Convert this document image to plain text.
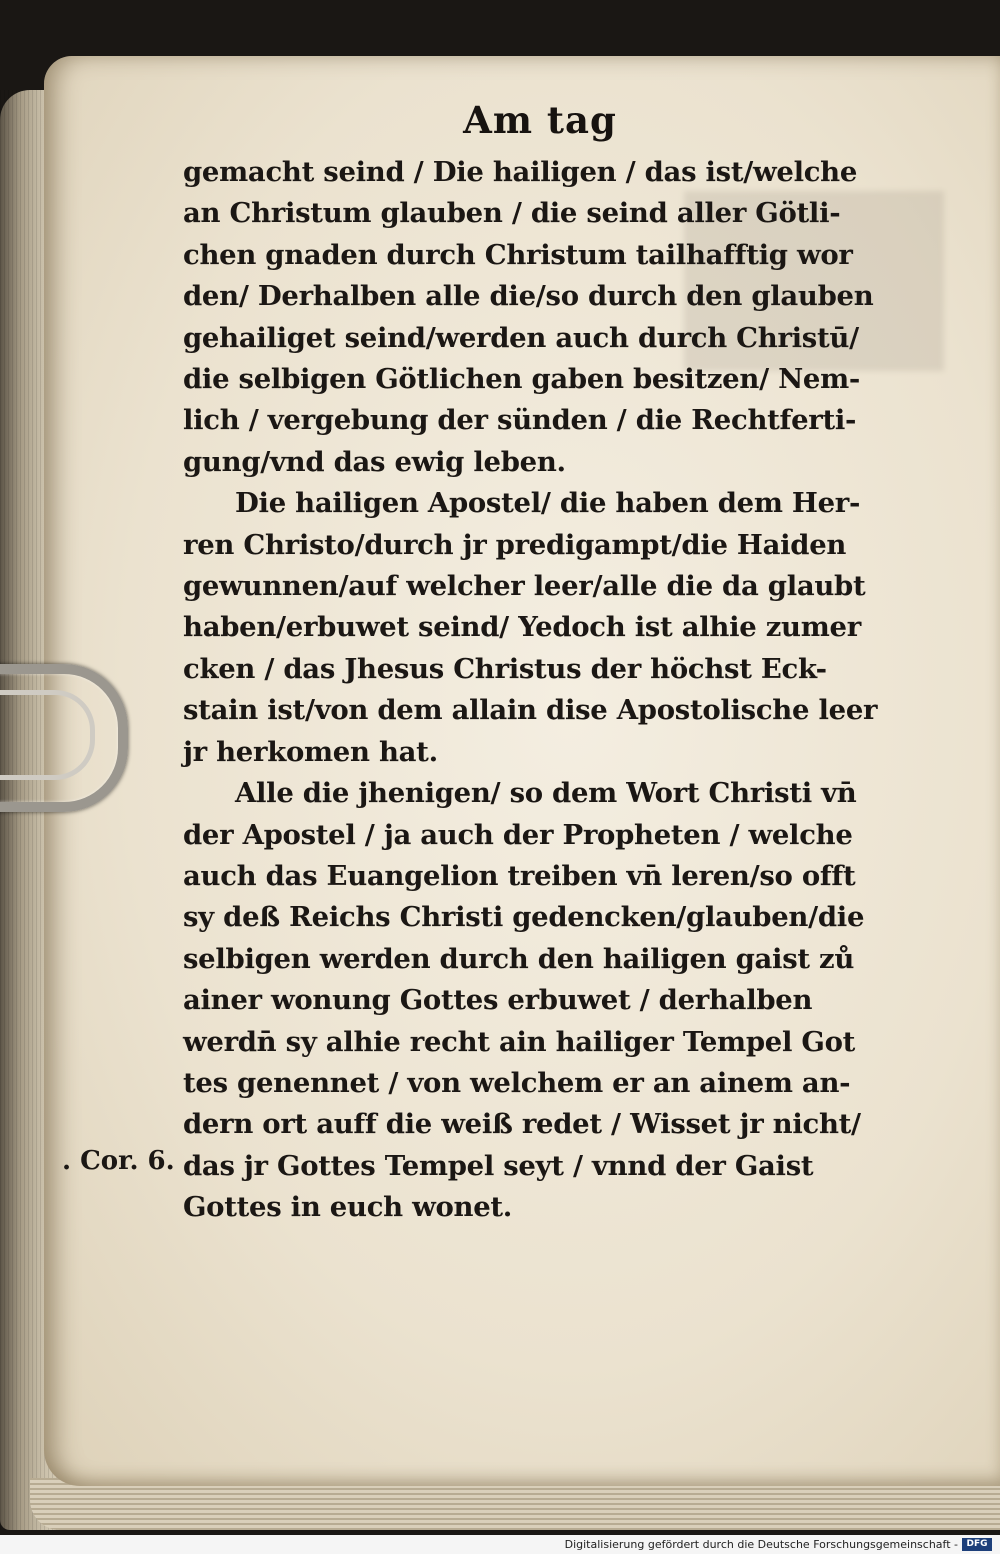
Am tag
gemacht seind / Die hailigen / das ist/welche
an Christum glauben / die seind aller Götli-
chen gnaden durch Christum tailhafftig wor
den/ Derhalben alle die/so durch den glauben
gehailiget seind/werden auch durch Christū/
die selbigen Götlichen gaben besitzen/ Nem-
lich / vergebung der sünden / die Rechtferti-
gung/vnd das ewig leben.
Die hailigen Apostel/ die haben dem Her-
ren Christo/durch jr predigampt/die Haiden
gewunnen/auf welcher leer/alle die da glaubt
haben/erbuwet seind/ Yedoch ist alhie zumer
cken / das Jhesus Christus der höchst Eck-
stain ist/von dem allain dise Apostolische leer
jr herkomen hat.
Alle die jhenigen/ so dem Wort Christi vn̄
der Apostel / ja auch der Propheten / welche
auch das Euangelion treiben vn̄ leren/so offt
sy deß Reichs Christi gedencken/glauben/die
selbigen werden durch den hailigen gaist zů
ainer wonung Gottes erbuwet / derhalben
werdn̄ sy alhie recht ain hailiger Tempel Got
tes genennet / von welchem er an ainem an-
dern ort auff die weiß redet / Wisset jr nicht/
das jr Gottes Tempel seyt / vnnd der Gaist
Gottes in euch wonet.
. Cor. 6.
Digitalisierung gefördert durch die Deutsche Forschungsgemeinschaft - DFG
